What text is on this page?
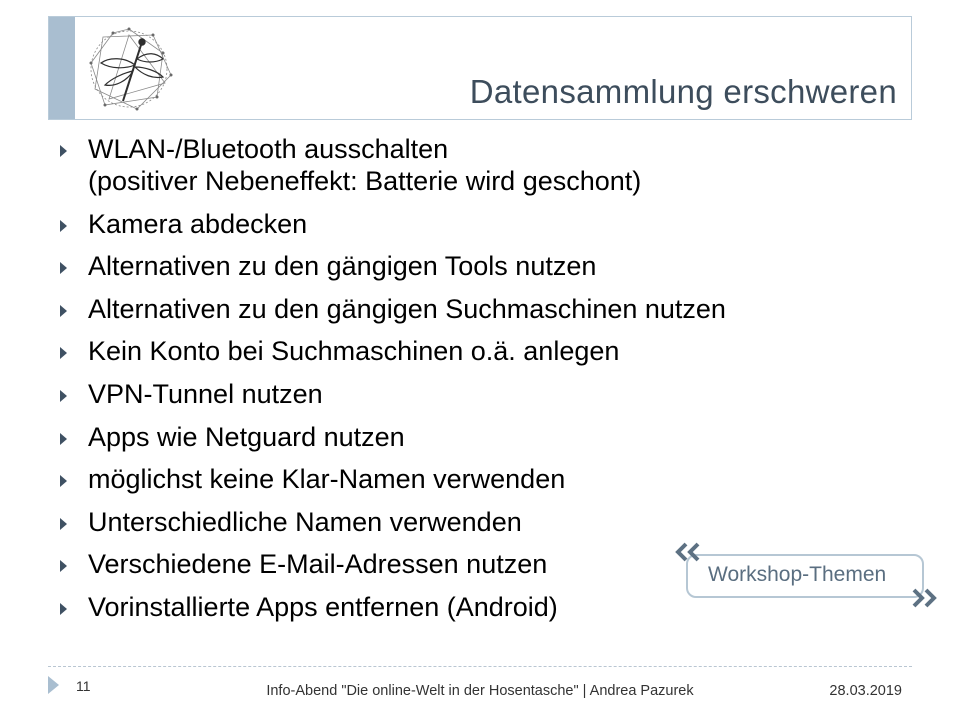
Datensammlung erschweren
WLAN-/Bluetooth ausschalten
(positiver Nebeneffekt: Batterie wird geschont)
Kamera abdecken
Alternativen zu den gängigen Tools nutzen
Alternativen zu den gängigen Suchmaschinen nutzen
Kein Konto bei Suchmaschinen o.ä. anlegen
VPN-Tunnel nutzen
Apps wie Netguard nutzen
möglichst keine Klar-Namen verwenden
Unterschiedliche Namen verwenden
Verschiedene E-Mail-Adressen nutzen
Vorinstallierte Apps entfernen (Android)
Workshop-Themen
11	Info-Abend "Die online-Welt in der Hosentasche" | Andrea Pazurek	28.03.2019
